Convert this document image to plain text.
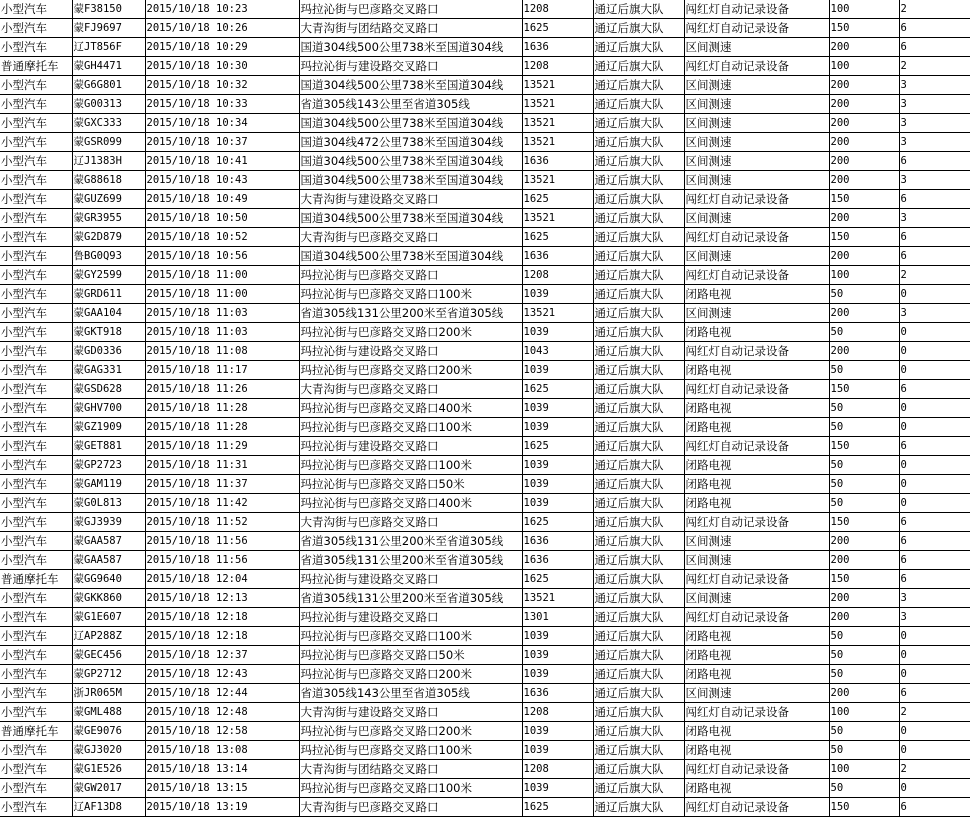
小型汽车	蒙F38150	2015/10/18 10:23	玛拉沁街与巴彦路交叉路口	1208	通辽后旗大队	闯红灯自动记录设备	100	2
小型汽车	蒙FJ9697	2015/10/18 10:26	大青沟街与团结路交叉路口	1625	通辽后旗大队	闯红灯自动记录设备	150	6
小型汽车	辽JT856F	2015/10/18 10:29	国道304线500公里738米至国道304线	1636	通辽后旗大队	区间测速	200	6
普通摩托车	蒙GH4471	2015/10/18 10:30	玛拉沁街与建设路交叉路口	1208	通辽后旗大队	闯红灯自动记录设备	100	2
小型汽车	蒙G6G801	2015/10/18 10:32	国道304线500公里738米至国道304线	13521	通辽后旗大队	区间测速	200	3
小型汽车	蒙G00313	2015/10/18 10:33	省道305线143公里至省道305线	13521	通辽后旗大队	区间测速	200	3
小型汽车	蒙GXC333	2015/10/18 10:34	国道304线500公里738米至国道304线	13521	通辽后旗大队	区间测速	200	3
小型汽车	蒙GSR099	2015/10/18 10:37	国道304线472公里738米至国道304线	13521	通辽后旗大队	区间测速	200	3
小型汽车	辽J1383H	2015/10/18 10:41	国道304线500公里738米至国道304线	1636	通辽后旗大队	区间测速	200	6
小型汽车	蒙G88618	2015/10/18 10:43	国道304线500公里738米至国道304线	13521	通辽后旗大队	区间测速	200	3
小型汽车	蒙GUZ699	2015/10/18 10:49	大青沟街与建设路交叉路口	1625	通辽后旗大队	闯红灯自动记录设备	150	6
小型汽车	蒙GR3955	2015/10/18 10:50	国道304线500公里738米至国道304线	13521	通辽后旗大队	区间测速	200	3
小型汽车	蒙G2D879	2015/10/18 10:52	大青沟街与巴彦路交叉路口	1625	通辽后旗大队	闯红灯自动记录设备	150	6
小型汽车	鲁BG0Q93	2015/10/18 10:56	国道304线500公里738米至国道304线	1636	通辽后旗大队	区间测速	200	6
小型汽车	蒙GY2599	2015/10/18 11:00	玛拉沁街与巴彦路交叉路口	1208	通辽后旗大队	闯红灯自动记录设备	100	2
小型汽车	蒙GRD611	2015/10/18 11:00	玛拉沁街与巴彦路交叉路口100米	1039	通辽后旗大队	闭路电视	50	0
小型汽车	蒙GAA104	2015/10/18 11:03	省道305线131公里200米至省道305线	13521	通辽后旗大队	区间测速	200	3
小型汽车	蒙GKT918	2015/10/18 11:03	玛拉沁街与巴彦路交叉路口200米	1039	通辽后旗大队	闭路电视	50	0
小型汽车	蒙GD0336	2015/10/18 11:08	玛拉沁街与建设路交叉路口	1043	通辽后旗大队	闯红灯自动记录设备	200	0
小型汽车	蒙GAG331	2015/10/18 11:17	玛拉沁街与巴彦路交叉路口200米	1039	通辽后旗大队	闭路电视	50	0
小型汽车	蒙GSD628	2015/10/18 11:26	大青沟街与巴彦路交叉路口	1625	通辽后旗大队	闯红灯自动记录设备	150	6
小型汽车	蒙GHV700	2015/10/18 11:28	玛拉沁街与巴彦路交叉路口400米	1039	通辽后旗大队	闭路电视	50	0
小型汽车	蒙GZ1909	2015/10/18 11:28	玛拉沁街与巴彦路交叉路口100米	1039	通辽后旗大队	闭路电视	50	0
小型汽车	蒙GET881	2015/10/18 11:29	玛拉沁街与建设路交叉路口	1625	通辽后旗大队	闯红灯自动记录设备	150	6
小型汽车	蒙GP2723	2015/10/18 11:31	玛拉沁街与巴彦路交叉路口100米	1039	通辽后旗大队	闭路电视	50	0
小型汽车	蒙GAM119	2015/10/18 11:37	玛拉沁街与巴彦路交叉路口50米	1039	通辽后旗大队	闭路电视	50	0
小型汽车	蒙G0L813	2015/10/18 11:42	玛拉沁街与巴彦路交叉路口400米	1039	通辽后旗大队	闭路电视	50	0
小型汽车	蒙GJ3939	2015/10/18 11:52	大青沟街与巴彦路交叉路口	1625	通辽后旗大队	闯红灯自动记录设备	150	6
小型汽车	蒙GAA587	2015/10/18 11:56	省道305线131公里200米至省道305线	1636	通辽后旗大队	区间测速	200	6
小型汽车	蒙GAA587	2015/10/18 11:56	省道305线131公里200米至省道305线	1636	通辽后旗大队	区间测速	200	6
普通摩托车	蒙GG9640	2015/10/18 12:04	玛拉沁街与建设路交叉路口	1625	通辽后旗大队	闯红灯自动记录设备	150	6
小型汽车	蒙GKK860	2015/10/18 12:13	省道305线131公里200米至省道305线	13521	通辽后旗大队	区间测速	200	3
小型汽车	蒙G1E607	2015/10/18 12:18	玛拉沁街与建设路交叉路口	1301	通辽后旗大队	闯红灯自动记录设备	200	3
小型汽车	辽AP288Z	2015/10/18 12:18	玛拉沁街与巴彦路交叉路口100米	1039	通辽后旗大队	闭路电视	50	0
小型汽车	蒙GEC456	2015/10/18 12:37	玛拉沁街与巴彦路交叉路口50米	1039	通辽后旗大队	闭路电视	50	0
小型汽车	蒙GP2712	2015/10/18 12:43	玛拉沁街与巴彦路交叉路口200米	1039	通辽后旗大队	闭路电视	50	0
小型汽车	浙JR065M	2015/10/18 12:44	省道305线143公里至省道305线	1636	通辽后旗大队	区间测速	200	6
小型汽车	蒙GML488	2015/10/18 12:48	大青沟街与建设路交叉路口	1208	通辽后旗大队	闯红灯自动记录设备	100	2
普通摩托车	蒙GE9076	2015/10/18 12:58	玛拉沁街与巴彦路交叉路口200米	1039	通辽后旗大队	闭路电视	50	0
小型汽车	蒙GJ3020	2015/10/18 13:08	玛拉沁街与巴彦路交叉路口100米	1039	通辽后旗大队	闭路电视	50	0
小型汽车	蒙G1E526	2015/10/18 13:14	大青沟街与团结路交叉路口	1208	通辽后旗大队	闯红灯自动记录设备	100	2
小型汽车	蒙GW2017	2015/10/18 13:15	玛拉沁街与巴彦路交叉路口100米	1039	通辽后旗大队	闭路电视	50	0
小型汽车	辽AF13D8	2015/10/18 13:19	大青沟街与巴彦路交叉路口	1625	通辽后旗大队	闯红灯自动记录设备	150	6
